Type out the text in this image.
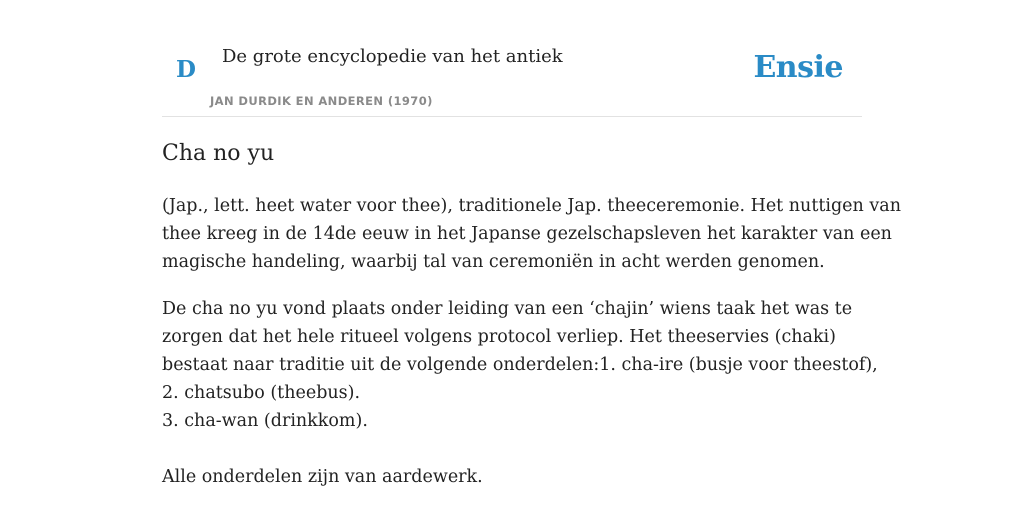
D De grote encyclopedie van het antiek
JAN DURDIK EN ANDEREN (1970)
Ensie
Cha no yu

(Jap., lett. heet water voor thee), traditionele Jap. theeceremonie. Het nuttigen van
thee kreeg in de 14de eeuw in het Japanse gezelschapsleven het karakter van een
magische handeling, waarbij tal van ceremoniën in acht werden genomen.

De cha no yu vond plaats onder leiding van een ‘chajin’ wiens taak het was te
zorgen dat het hele ritueel volgens protocol verliep. Het theeservies (chaki)
bestaat naar traditie uit de volgende onderdelen:1. cha-ire (busje voor theestof),
2. chatsubo (theebus).
3. cha-wan (drinkkom).

Alle onderdelen zijn van aardewerk.
